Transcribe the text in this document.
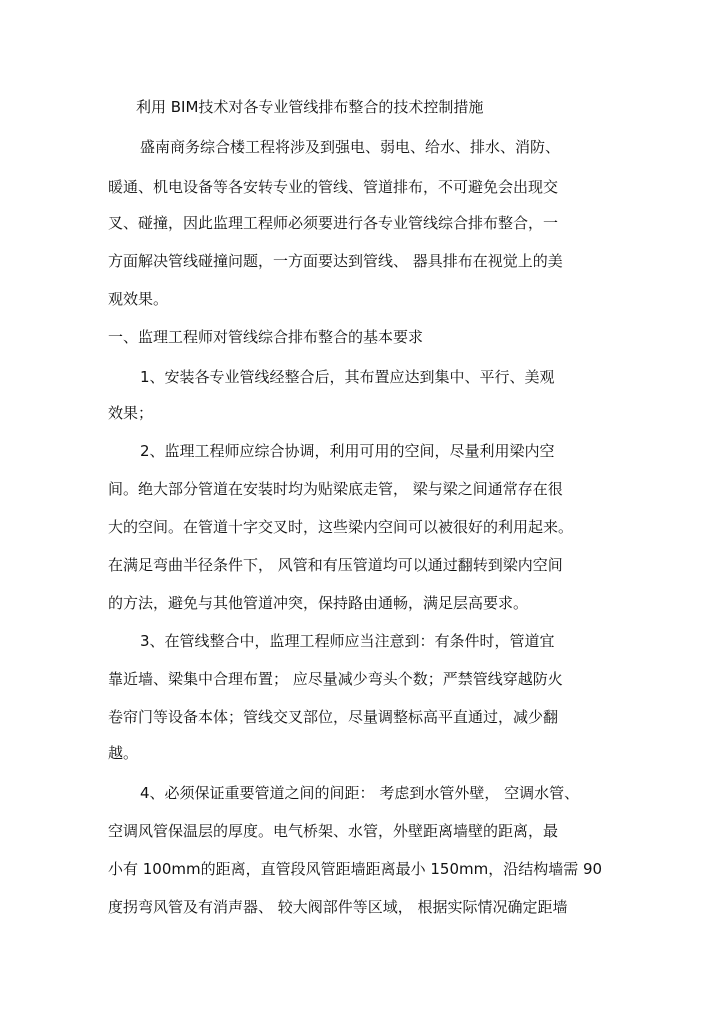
利用 BIM技术对各专业管线排布整合的技术控制措施

盛南商务综合楼工程将涉及到强电、弱电、给水、排水、消防、

暖通、机电设备等各安转专业的管线、管道排布，不可避免会出现交

叉、碰撞，因此监理工程师必须要进行各专业管线综合排布整合，一

方面解决管线碰撞问题，一方面要达到管线、 器具排布在视觉上的美

观效果。

一、监理工程师对管线综合排布整合的基本要求

1、安装各专业管线经整合后，其布置应达到集中、平行、美观

效果；

2、监理工程师应综合协调，利用可用的空间，尽量利用梁内空

间。绝大部分管道在安装时均为贴梁底走管， 梁与梁之间通常存在很

大的空间。在管道十字交叉时，这些梁内空间可以被很好的利用起来。

在满足弯曲半径条件下， 风管和有压管道均可以通过翻转到梁内空间

的方法，避免与其他管道冲突，保持路由通畅，满足层高要求。

3、在管线整合中，监理工程师应当注意到：有条件时，管道宜

靠近墙、梁集中合理布置； 应尽量减少弯头个数；严禁管线穿越防火

卷帘门等设备本体；管线交叉部位，尽量调整标高平直通过，减少翻

越。

4、必须保证重要管道之间的间距： 考虑到水管外壁， 空调水管、

空调风管保温层的厚度。电气桥架、水管，外壁距离墙壁的距离，最

小有 100mm的距离，直管段风管距墙距离最小 150mm，沿结构墙需 90

度拐弯风管及有消声器、 较大阀部件等区域， 根据实际情况确定距墙
